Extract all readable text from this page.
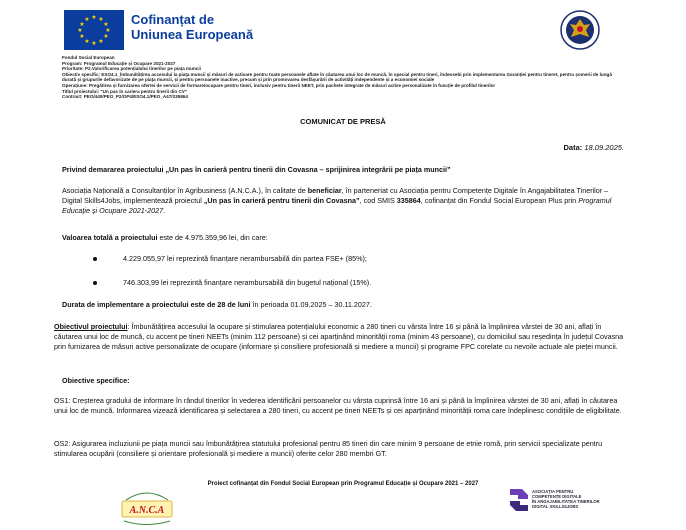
★ ★
★
★
★
★
★
★
★
★
★
★	Cofinanțat de
Uniunea Europeană
Fondul Social European
Program: Programul Educație și Ocupare 2021-2027
Prioritate: P2.Valorificarea potențialului tinerilor pe piața muncii
Obiectiv specific: ESO4.1_Îmbunătățirea accesului la piața muncii și măsuri de activare pentru toate persoanele aflate în căutarea unui loc de muncă, în special pentru tineri, îndeosebi prin implementarea Garanției pentru tineret, pentru șomerii de lungă durată și grupurile defavorizate de pe piața muncii, și pentru persoanele inactive, precum și prin promovarea desfășurării de activități independente și a economiei sociale
Operațiune: Pregătirea și furnizarea ofertei de servicii de formare/ocupare pentru tineri, inclusiv pentru tinerii NEET, prin pachete integrate de măsuri active personalizate în funcție de profilul tinerilor
Titlul proiectului: "Un pas în cariera pentru tinerii din CV"
Contract: PEO/440/PEO_P2/OP4/ESO4.1/PEO_A47/335864
COMUNICAT DE PRESĂ
Data: 18.09.2025.
Privind demararea proiectului „Un pas în carieră pentru tinerii din Covasna – sprijinirea integrării pe piața muncii”
Asociația Națională a Consultanților în Agribusiness (A.N.C.A.), în calitate de beneficiar, în parteneriat cu Asociația pentru Competențe Digitale în Angajabilitatea Tinerilor – Digital Skills4Jobs, implementează proiectul „Un pas în carieră pentru tinerii din Covasna”, cod SMIS 335864, cofinanțat din Fondul Social European Plus prin Programul Educație și Ocupare 2021-2027.
Valoarea totală a proiectului este de 4.975.359,96 lei, din care:
4.229.055,97 lei reprezintă finanțare nerambursabilă din partea FSE+ (85%);
746.303,99 lei reprezintă finanțare nerambursabilă din bugetul național (15%).
Durata de implementare a proiectului este de 28 de luni în perioada 01.09.2025 – 30.11.2027.
Obiectivul proiectului: Îmbunătățirea accesului la ocupare și stimularea potențialului economic a 280 tineri cu vârsta între 16 și până la împlinirea vârstei de 30 ani, aflați în căutarea unui loc de muncă, cu accent pe tineri NEETs (minim 112 persoane) și cei aparținând minorității roma (minim 43 persoane), cu domiciliul sau reședința în județul Covasna prin furnizarea de măsuri active personalizate de ocupare (informare și consiliere profesională și mediere a muncii) și programe FPC corelate cu nevoile actuale ale pieței muncii.
Obiective specifice:
OS1: Creșterea gradului de informare în rândul tinerilor în vederea identificării persoanelor cu vârsta cuprinsă între 16 ani și până la împlinirea vârstei de 30 ani, aflați în căutarea unui loc de muncă. Informarea vizează identificarea și selectarea a 280 tineri, cu accent pe tineri NEETs și cei aparținând minorității roma care îndeplinesc condițiile de eligibilitate.
OS2: Asigurarea incluziunii pe piața muncii sau îmbunătățirea statutului profesional pentru 85 tineri din care minim 9 persoane de etnie romă, prin servicii specializate pentru stimularea ocupării (consiliere și orientare profesională și mediere a muncii) oferite celor 280 membri GT.
Proiect cofinanțat din Fondul Social European prin Programul Educație și Ocupare 2021 – 2027
A.N.C.A
ASOCIAȚIA PENTRU
COMPETENȚE DIGITALE
ÎN ANGAJABILITATEA TINERILOR
DIGITAL SKILLS4JOBS
